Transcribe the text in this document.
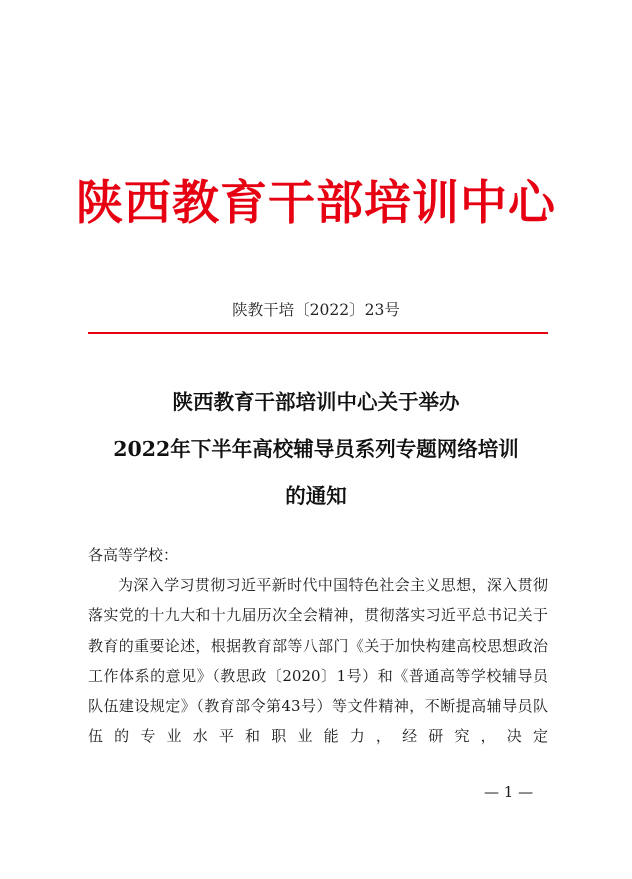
陕西教育干部培训中心
陕教干培〔2022〕23号
陕西教育干部培训中心关于举办
2022年下半年高校辅导员系列专题网络培训
的通知

各高等学校：

为深入学习贯彻习近平新时代中国特色社会主义思想，深入贯彻落实党的十九大和十九届历次全会精神，贯彻落实习近平总书记关于教育的重要论述，根据教育部等八部门《关于加快构建高校思想政治工作体系的意见》（教思政〔2020〕1号）和《普通高等学校辅导员队伍建设规定》（教育部令第43号）等文件精神，不断提高辅导员队伍的专业水平和职业能力，经研究，决定

— 1 —
